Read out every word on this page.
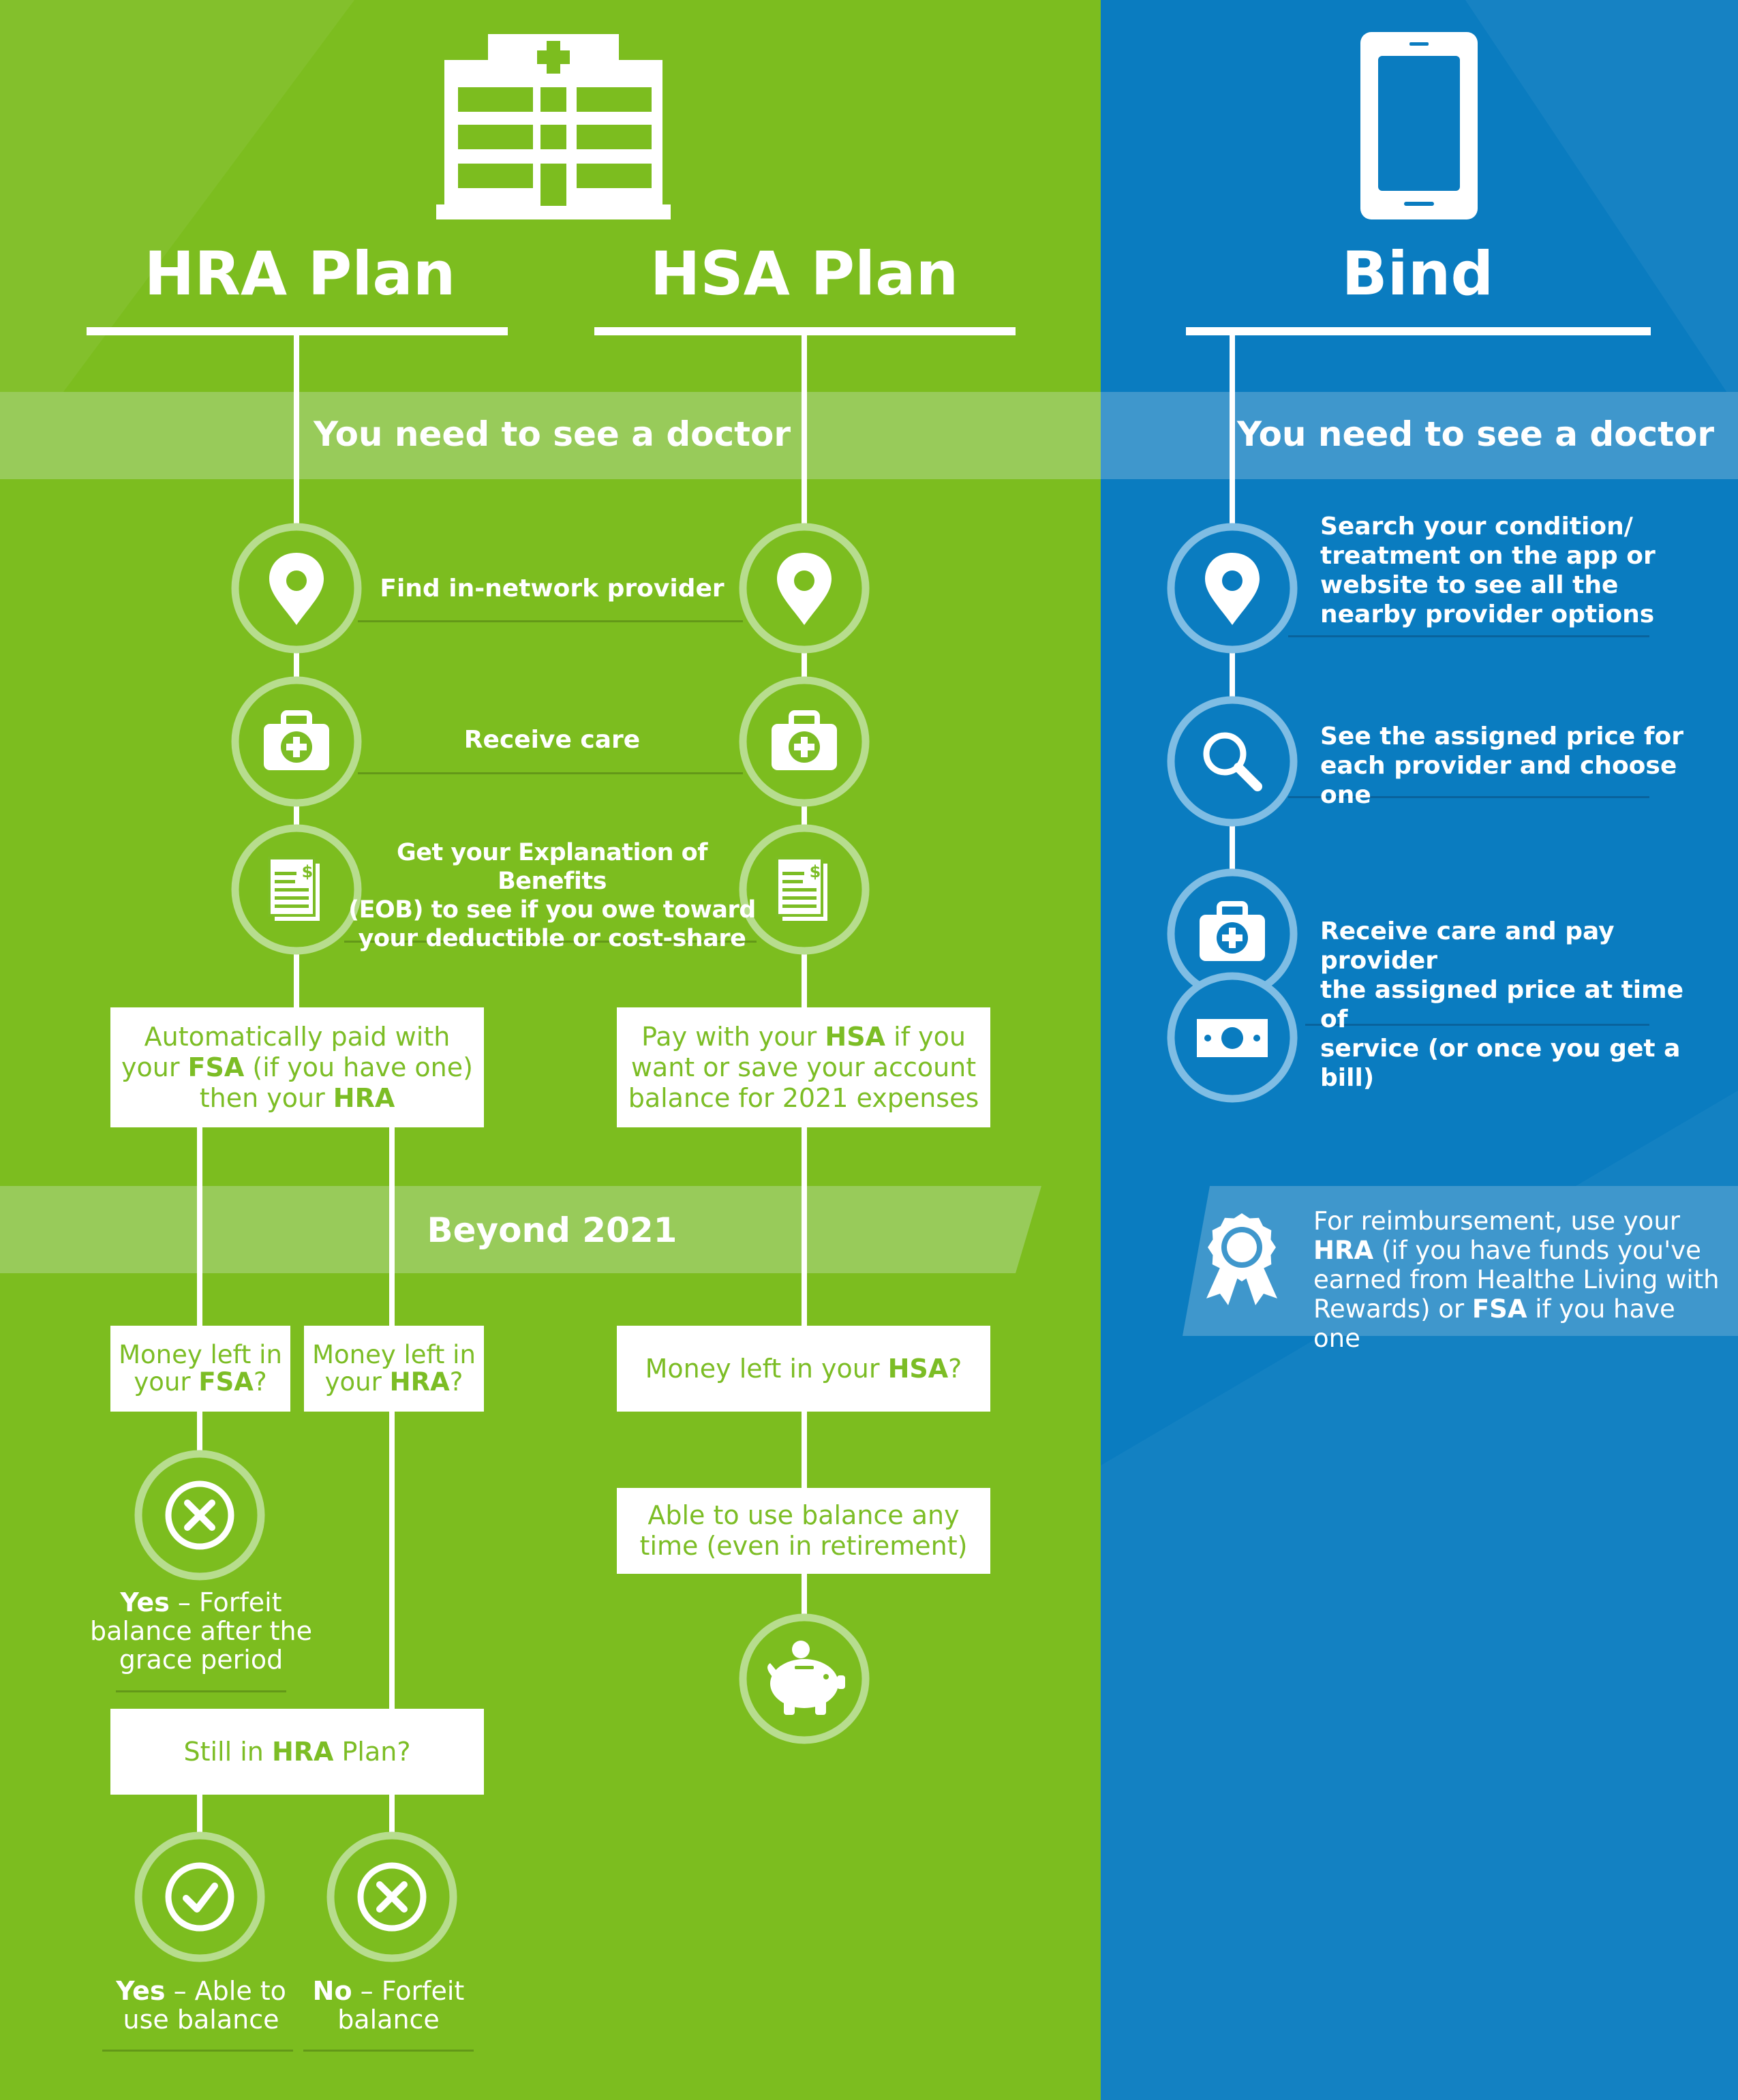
HRA Plan	HSA Plan	Bind
You need to see a doctor	You need to see a doctor
Beyond 2021
Find in-network provider
Receive care
Get your Explanation of Benefits
(EOB) to see if you owe toward
your deductible or cost-share
Automatically paid with your FSA (if you have one) then your HRA
Money left in your FSA?
Money left in your HRA?
Yes – Forfeit balance after the grace period
Still in HRA Plan?
Yes – Able to use balance
No – Forfeit balance
Pay with your HSA if you want or save your account balance for 2021 expenses
Money left in your HSA?
Able to use balance any time (even in retirement)
Search your condition/
treatment on the app or
website to see all the
nearby provider options
See the assigned price for
each provider and choose one
Receive care and pay provider
the assigned price at time of
service (or once you get a bill)
For reimbursement, use your HRA (if you have funds you've earned from Healthe Living with Rewards) or FSA if you have one
